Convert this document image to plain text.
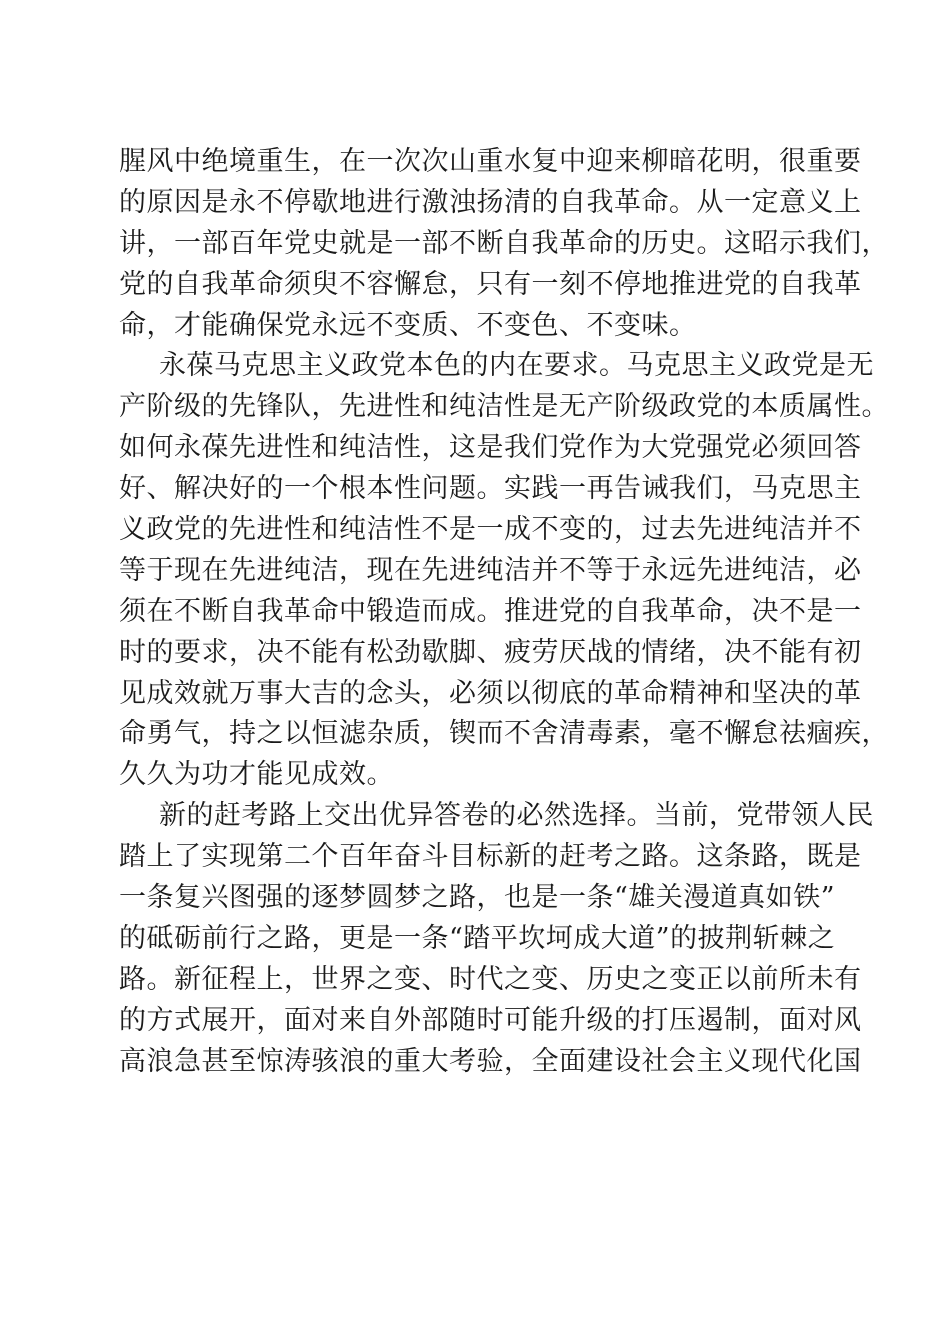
腥风中绝境重生，在一次次山重水复中迎来柳暗花明，很重要
的原因是永不停歇地进行激浊扬清的自我革命。从一定意义上
讲，一部百年党史就是一部不断自我革命的历史。这昭示我们，
党的自我革命须臾不容懈怠，只有一刻不停地推进党的自我革
命，才能确保党永远不变质、不变色、不变味。
永葆马克思主义政党本色的内在要求。马克思主义政党是无
产阶级的先锋队，先进性和纯洁性是无产阶级政党的本质属性。
如何永葆先进性和纯洁性，这是我们党作为大党强党必须回答
好、解决好的一个根本性问题。实践一再告诫我们，马克思主
义政党的先进性和纯洁性不是一成不变的，过去先进纯洁并不
等于现在先进纯洁，现在先进纯洁并不等于永远先进纯洁，必
须在不断自我革命中锻造而成。推进党的自我革命，决不是一
时的要求，决不能有松劲歇脚、疲劳厌战的情绪，决不能有初
见成效就万事大吉的念头，必须以彻底的革命精神和坚决的革
命勇气，持之以恒滤杂质，锲而不舍清毒素，毫不懈怠祛痼疾，
久久为功才能见成效。
新的赶考路上交出优异答卷的必然选择。当前，党带领人民
踏上了实现第二个百年奋斗目标新的赶考之路。这条路，既是
一条复兴图强的逐梦圆梦之路，也是一条“雄关漫道真如铁”
的砥砺前行之路，更是一条“踏平坎坷成大道”的披荆斩棘之
路。新征程上，世界之变、时代之变、历史之变正以前所未有
的方式展开，面对来自外部随时可能升级的打压遏制，面对风
高浪急甚至惊涛骇浪的重大考验，全面建设社会主义现代化国
